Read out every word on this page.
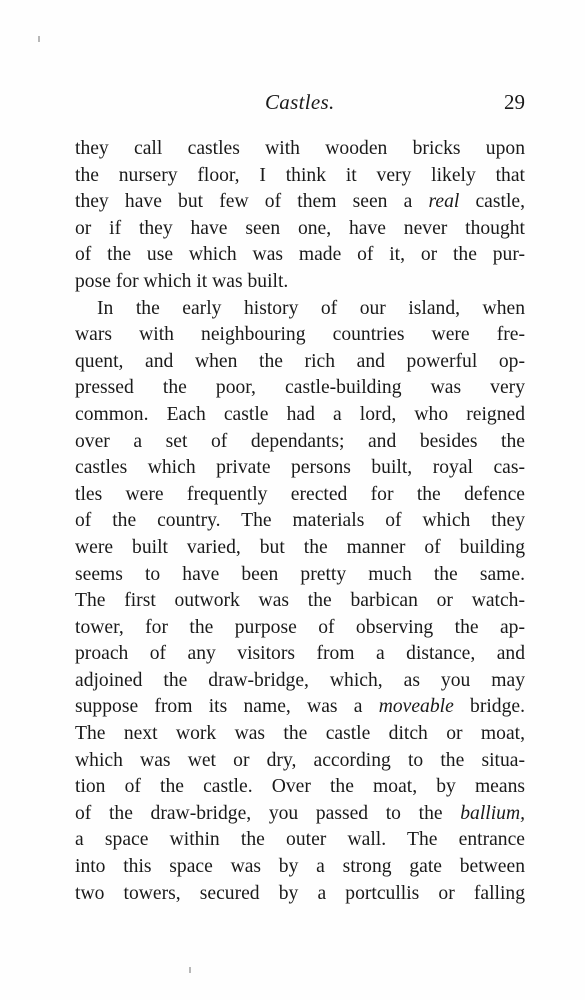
Castles.	29
they call castles with wooden bricks upon
the nursery floor, I think it very likely that
they have but few of them seen a real castle,
or if they have seen one, have never thought
of the use which was made of it, or the pur-
pose for which it was built.
In the early history of our island, when
wars with neighbouring countries were fre-
quent, and when the rich and powerful op-
pressed the poor, castle-building was very
common. Each castle had a lord, who reigned
over a set of dependants; and besides the
castles which private persons built, royal cas-
tles were frequently erected for the defence
of the country. The materials of which they
were built varied, but the manner of building
seems to have been pretty much the same.
The first outwork was the barbican or watch-
tower, for the purpose of observing the ap-
proach of any visitors from a distance, and
adjoined the draw-bridge, which, as you may
suppose from its name, was a moveable bridge.
The next work was the castle ditch or moat,
which was wet or dry, according to the situa-
tion of the castle. Over the moat, by means
of the draw-bridge, you passed to the ballium,
a space within the outer wall. The entrance
into this space was by a strong gate between
two towers, secured by a portcullis or falling
